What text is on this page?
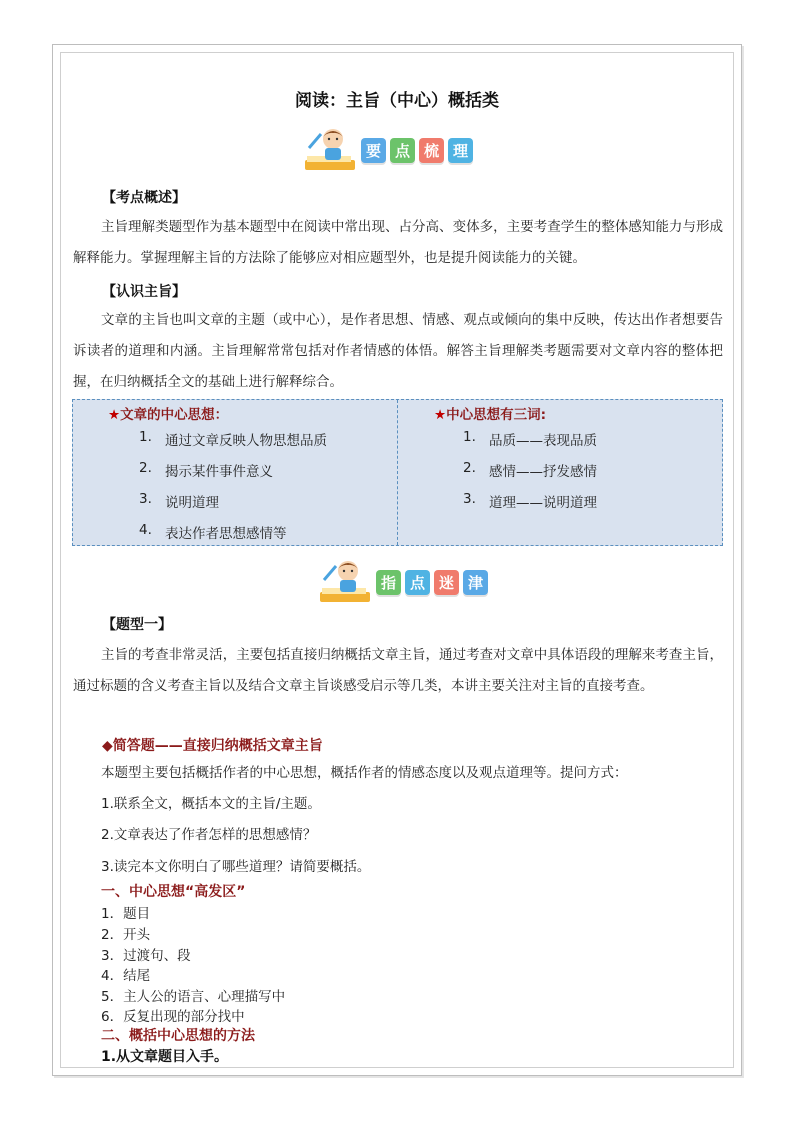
阅读：主旨（中心）概括类
要 点 梳 理
【考点概述】
主旨理解类题型作为基本题型中在阅读中常出现、占分高、变体多，主要考查学生的整体感知能力与形成解释能力。掌握理解主旨的方法除了能够应对相应题型外，也是提升阅读能力的关键。
【认识主旨】
文章的主旨也叫文章的主题（或中心），是作者思想、情感、观点或倾向的集中反映，传达出作者想要告诉读者的道理和内涵。主旨理解常常包括对作者情感的体悟。解答主旨理解类考题需要对文章内容的整体把握，在归纳概括全文的基础上进行解释综合。
★文章的中心思想：
1. 通过文章反映人物思想品质
2. 揭示某件事件意义
3. 说明道理
4. 表达作者思想感情等
★中心思想有三词:
1. 品质——表现品质
2. 感情——抒发感情
3. 道理——说明道理
指 点 迷 津
【题型一】
主旨的考查非常灵活，主要包括直接归纳概括文章主旨，通过考查对文章中具体语段的理解来考查主旨，通过标题的含义考查主旨以及结合文章主旨谈感受启示等几类，本讲主要关注对主旨的直接考查。
◆简答题——直接归纳概括文章主旨
本题型主要包括概括作者的中心思想，概括作者的情感态度以及观点道理等。提问方式：
1.联系全文，概括本文的主旨/主题。
2.文章表达了作者怎样的思想感情？
3.读完本文你明白了哪些道理？请简要概括。
一、中心思想“高发区”
1．题目
2．开头
3．过渡句、段
4．结尾
5．主人公的语言、心理描写中
6．反复出现的部分找中
二、概括中心思想的方法
1.从文章题目入手。
